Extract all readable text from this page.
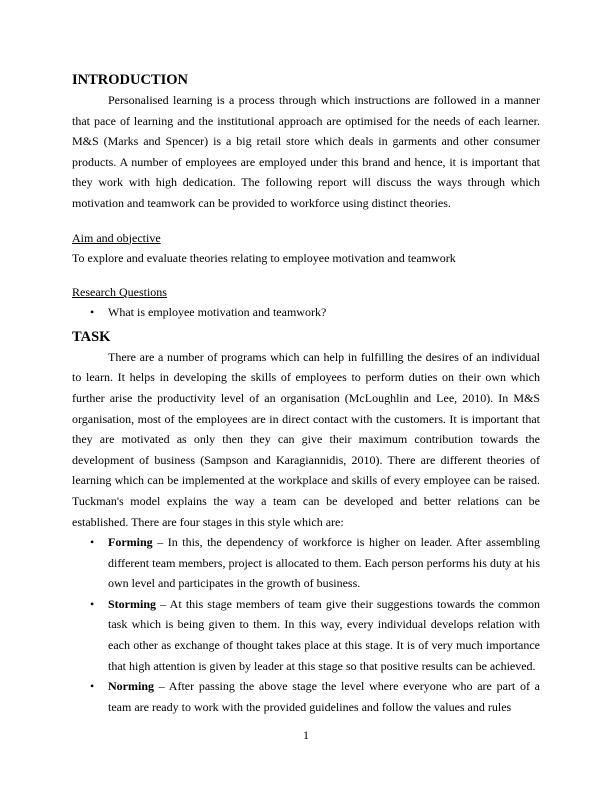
INTRODUCTION

Personalised learning is a process through which instructions are followed in a manner that pace of learning and the institutional approach are optimised for the needs of each learner. M&S (Marks and Spencer) is a big retail store which deals in garments and other consumer products. A number of employees are employed under this brand and hence, it is important that they work with high dedication. The following report will discuss the ways through which motivation and teamwork can be provided to workforce using distinct theories.

Aim and objective

To explore and evaluate theories relating to employee motivation and teamwork

Research Questions

• What is employee motivation and teamwork?
TASK

There are a number of programs which can help in fulfilling the desires of an individual to learn. It helps in developing the skills of employees to perform duties on their own which further arise the productivity level of an organisation (McLoughlin and Lee, 2010). In M&S organisation, most of the employees are in direct contact with the customers. It is important that they are motivated as only then they can give their maximum contribution towards the development of business (Sampson and Karagiannidis, 2010). There are different theories of learning which can be implemented at the workplace and skills of every employee can be raised. Tuckman's model explains the way a team can be developed and better relations can be established. There are four stages in this style which are:

• Forming – In this, the dependency of workforce is higher on leader. After assembling different team members, project is allocated to them. Each person performs his duty at his own level and participates in the growth of business.
• Storming – At this stage members of team give their suggestions towards the common task which is being given to them. In this way, every individual develops relation with each other as exchange of thought takes place at this stage. It is of very much importance that high attention is given by leader at this stage so that positive results can be achieved.
• Norming – After passing the above stage the level where everyone who are part of a team are ready to work with the provided guidelines and follow the values and rules
1
